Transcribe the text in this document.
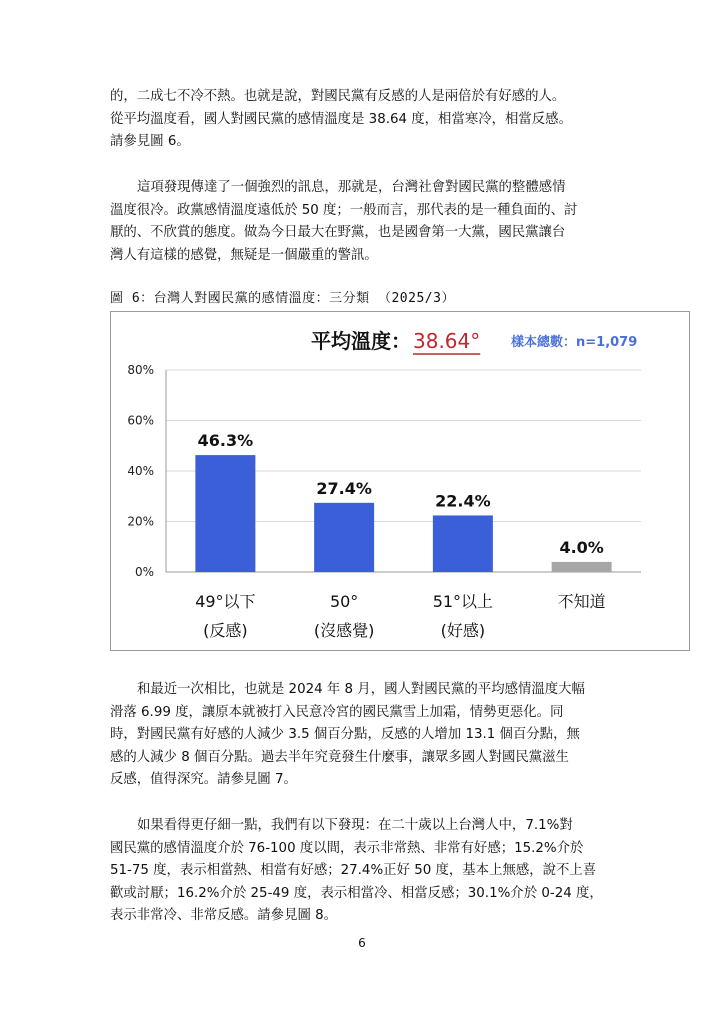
的，二成七不冷不熱。也就是說，對國民黨有反感的人是兩倍於有好感的人。
從平均溫度看，國人對國民黨的感情溫度是 38.64 度，相當寒冷，相當反感。
請參見圖 6。
這項發現傳達了一個強烈的訊息，那就是，台灣社會對國民黨的整體感情
溫度很冷。政黨感情溫度遠低於 50 度；一般而言，那代表的是一種負面的、討
厭的、不欣賞的態度。做為今日最大在野黨，也是國會第一大黨，國民黨讓台
灣人有這樣的感覺，無疑是一個嚴重的警訊。
圖 6：台灣人對國民黨的感情溫度：三分類 （2025/3）
0%
20%
40%
60%
80%
平均溫度： 38.64° 樣本總數：n=1,079
46.3%
49°以下
(反感)
27.4%
50°
(沒感覺)
22.4%
51°以上
(好感)
4.0%
不知道
和最近一次相比，也就是 2024 年 8 月，國人對國民黨的平均感情溫度大幅
滑落 6.99 度，讓原本就被打入民意冷宮的國民黨雪上加霜，情勢更惡化。同
時，對國民黨有好感的人減少 3.5 個百分點，反感的人增加 13.1 個百分點，無
感的人減少 8 個百分點。過去半年究竟發生什麼事，讓眾多國人對國民黨滋生
反感，值得深究。請參見圖 7。
如果看得更仔細一點，我們有以下發現：在二十歲以上台灣人中，7.1%對
國民黨的感情溫度介於 76-100 度以間，表示非常熱、非常有好感；15.2%介於
51-75 度，表示相當熱、相當有好感；27.4%正好 50 度，基本上無感，說不上喜
歡或討厭；16.2%介於 25-49 度，表示相當冷、相當反感；30.1%介於 0-24 度，
表示非常冷、非常反感。請參見圖 8。
6
